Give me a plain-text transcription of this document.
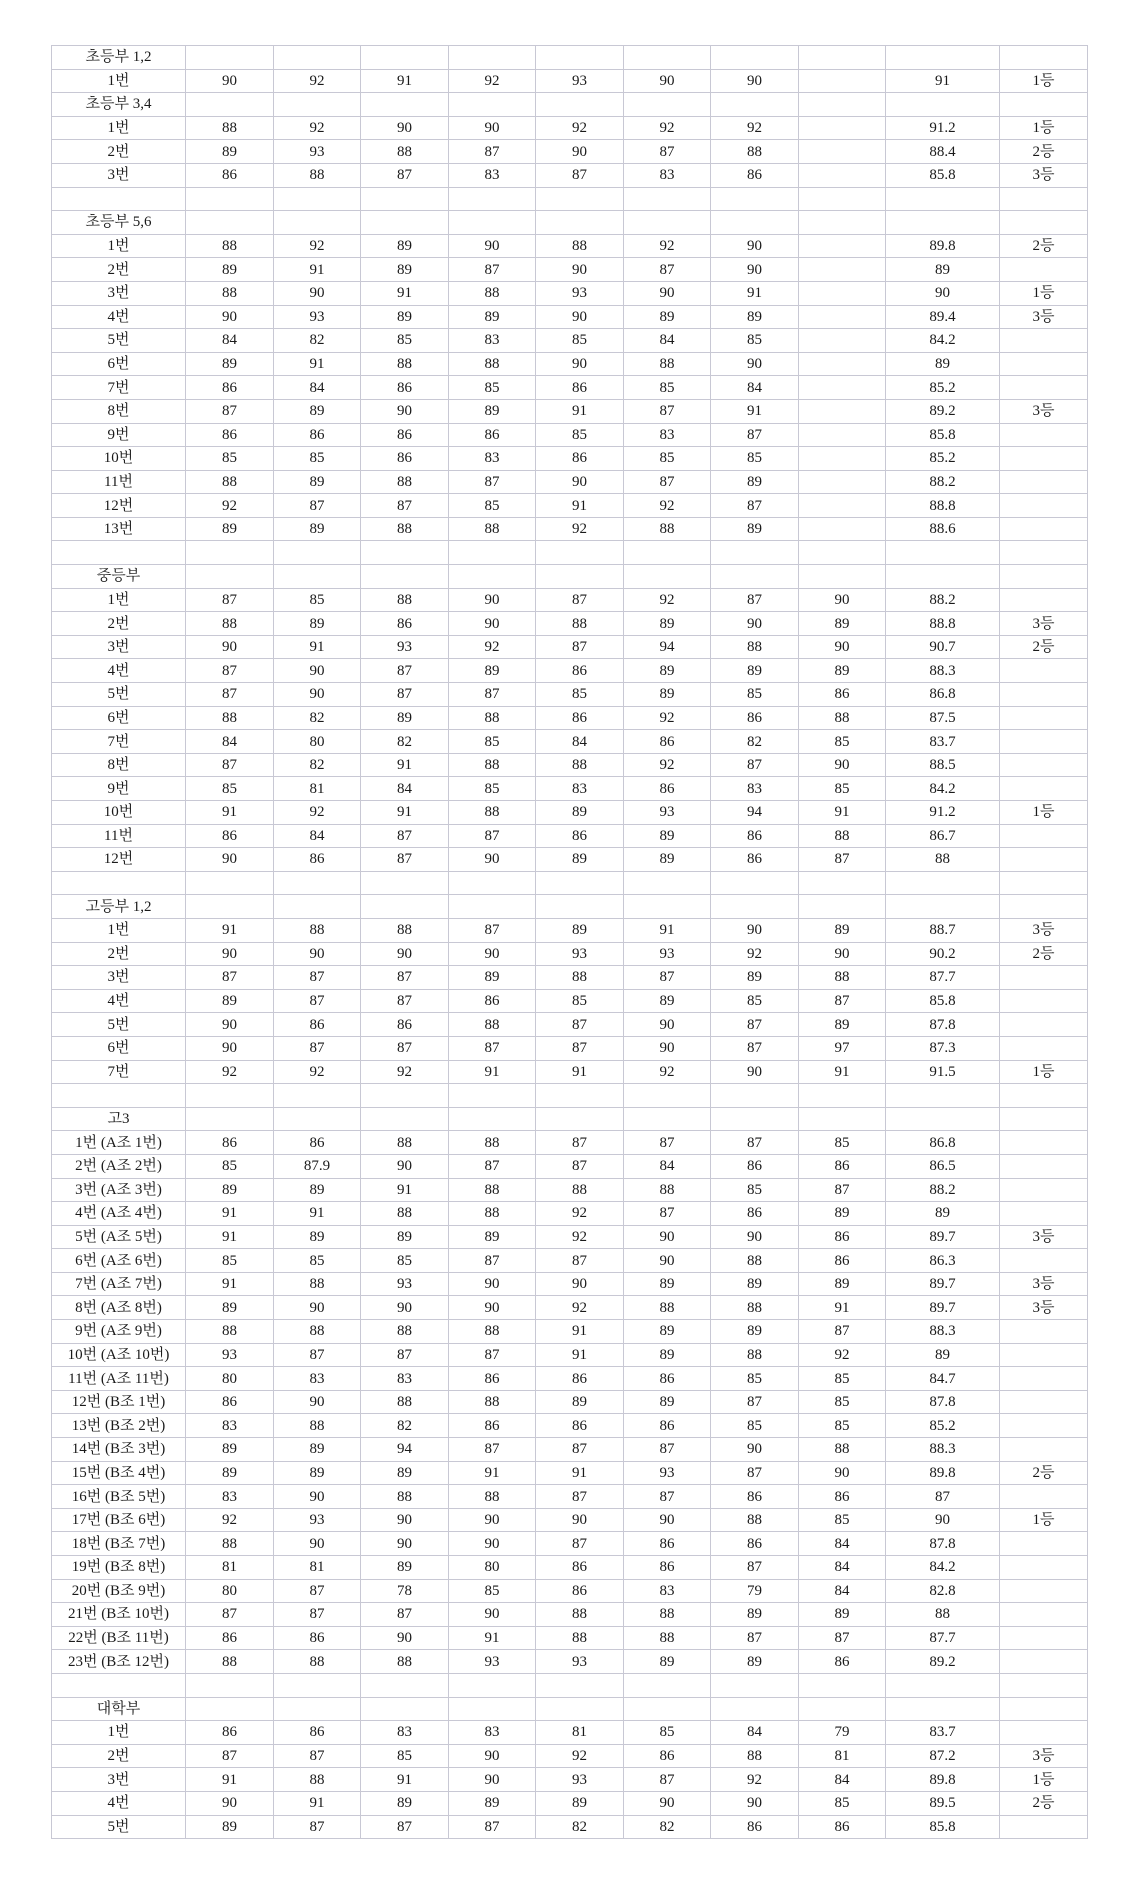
초등부 1,2										
1번	90	92	91	92	93	90	90		91	1등
초등부 3,4										
1번	88	92	90	90	92	92	92		91.2	1등
2번	89	93	88	87	90	87	88		88.4	2등
3번	86	88	87	83	87	83	86		85.8	3등

초등부 5,6										
1번	88	92	89	90	88	92	90		89.8	2등
2번	89	91	89	87	90	87	90		89	
3번	88	90	91	88	93	90	91		90	1등
4번	90	93	89	89	90	89	89		89.4	3등
5번	84	82	85	83	85	84	85		84.2	
6번	89	91	88	88	90	88	90		89	
7번	86	84	86	85	86	85	84		85.2	
8번	87	89	90	89	91	87	91		89.2	3등
9번	86	86	86	86	85	83	87		85.8	
10번	85	85	86	83	86	85	85		85.2	
11번	88	89	88	87	90	87	89		88.2	
12번	92	87	87	85	91	92	87		88.8	
13번	89	89	88	88	92	88	89		88.6	

중등부										
1번	87	85	88	90	87	92	87	90	88.2	
2번	88	89	86	90	88	89	90	89	88.8	3등
3번	90	91	93	92	87	94	88	90	90.7	2등
4번	87	90	87	89	86	89	89	89	88.3	
5번	87	90	87	87	85	89	85	86	86.8	
6번	88	82	89	88	86	92	86	88	87.5	
7번	84	80	82	85	84	86	82	85	83.7	
8번	87	82	91	88	88	92	87	90	88.5	
9번	85	81	84	85	83	86	83	85	84.2	
10번	91	92	91	88	89	93	94	91	91.2	1등
11번	86	84	87	87	86	89	86	88	86.7	
12번	90	86	87	90	89	89	86	87	88	

고등부 1,2										
1번	91	88	88	87	89	91	90	89	88.7	3등
2번	90	90	90	90	93	93	92	90	90.2	2등
3번	87	87	87	89	88	87	89	88	87.7	
4번	89	87	87	86	85	89	85	87	85.8	
5번	90	86	86	88	87	90	87	89	87.8	
6번	90	87	87	87	87	90	87	97	87.3	
7번	92	92	92	91	91	92	90	91	91.5	1등

고3										
1번 (A조 1번)	86	86	88	88	87	87	87	85	86.8	
2번 (A조 2번)	85	87.9	90	87	87	84	86	86	86.5	
3번 (A조 3번)	89	89	91	88	88	88	85	87	88.2	
4번 (A조 4번)	91	91	88	88	92	87	86	89	89	
5번 (A조 5번)	91	89	89	89	92	90	90	86	89.7	3등
6번 (A조 6번)	85	85	85	87	87	90	88	86	86.3	
7번 (A조 7번)	91	88	93	90	90	89	89	89	89.7	3등
8번 (A조 8번)	89	90	90	90	92	88	88	91	89.7	3등
9번 (A조 9번)	88	88	88	88	91	89	89	87	88.3	
10번 (A조 10번)	93	87	87	87	91	89	88	92	89	
11번 (A조 11번)	80	83	83	86	86	86	85	85	84.7	
12번 (B조 1번)	86	90	88	88	89	89	87	85	87.8	
13번 (B조 2번)	83	88	82	86	86	86	85	85	85.2	
14번 (B조 3번)	89	89	94	87	87	87	90	88	88.3	
15번 (B조 4번)	89	89	89	91	91	93	87	90	89.8	2등
16번 (B조 5번)	83	90	88	88	87	87	86	86	87	
17번 (B조 6번)	92	93	90	90	90	90	88	85	90	1등
18번 (B조 7번)	88	90	90	90	87	86	86	84	87.8	
19번 (B조 8번)	81	81	89	80	86	86	87	84	84.2	
20번 (B조 9번)	80	87	78	85	86	83	79	84	82.8	
21번 (B조 10번)	87	87	87	90	88	88	89	89	88	
22번 (B조 11번)	86	86	90	91	88	88	87	87	87.7	
23번 (B조 12번)	88	88	88	93	93	89	89	86	89.2	

대학부										
1번	86	86	83	83	81	85	84	79	83.7	
2번	87	87	85	90	92	86	88	81	87.2	3등
3번	91	88	91	90	93	87	92	84	89.8	1등
4번	90	91	89	89	89	90	90	85	89.5	2등
5번	89	87	87	87	82	82	86	86	85.8	
